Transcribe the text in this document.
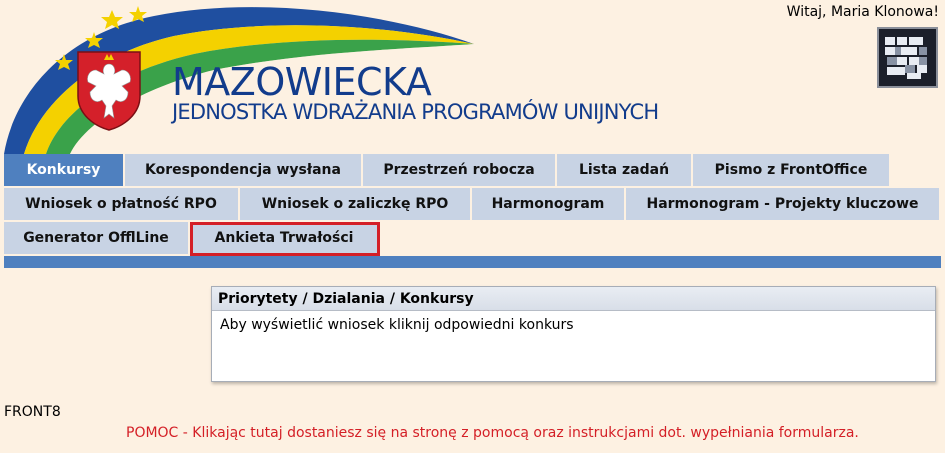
MAZOWIECKA
JEDNOSTKA WDRAŻANIA PROGRAMÓW UNIJNYCH
Witaj, Maria Klonowa!
Konkursy	Korespondencja wysłana	Przestrzeń robocza	Lista zadań	Pismo z FrontOffice
Wniosek o płatność RPO	Wniosek o zaliczkę RPO	Harmonogram	Harmonogram - Projekty kluczowe
Generator OfflLine	Ankieta Trwałości
Priorytety / Dzialania / Konkursy
Aby wyświetlić wniosek kliknij odpowiedni konkurs
FRONT8
POMOC - Klikając tutaj dostaniesz się na stronę z pomocą oraz instrukcjami dot. wypełniania formularza.
